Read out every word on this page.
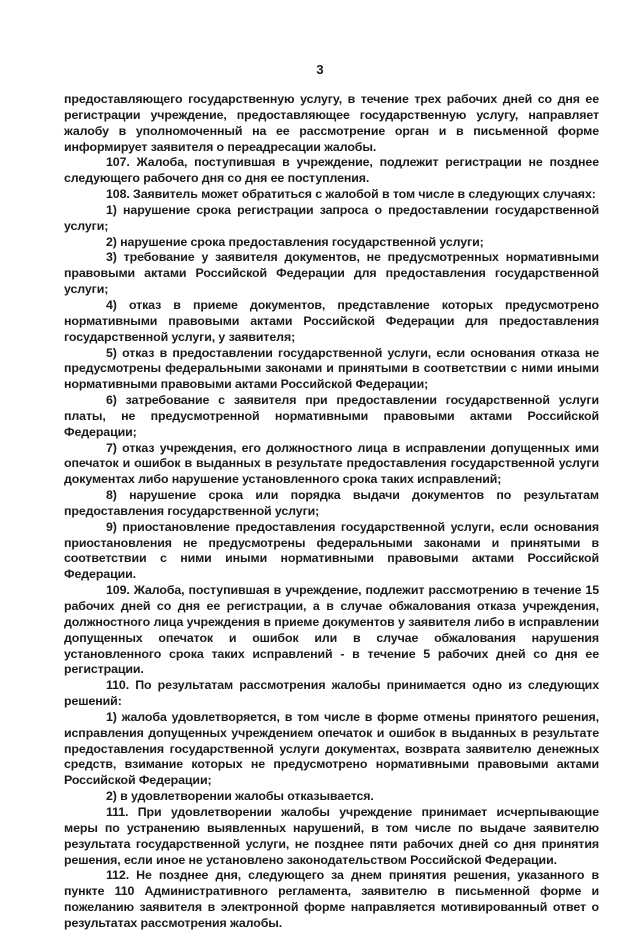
3

предоставляющего государственную услугу, в течение трех рабочих дней со дня ее регистрации учреждение, предоставляющее государственную услугу, направляет жалобу в уполномоченный на ее рассмотрение орган и в письменной форме информирует заявителя о переадресации жалобы.

107. Жалоба, поступившая в учреждение, подлежит регистрации не позднее следующего рабочего дня со дня ее поступления.

108. Заявитель может обратиться с жалобой в том числе в следующих случаях:

1) нарушение срока регистрации запроса о предоставлении государственной услуги;

2) нарушение срока предоставления государственной услуги;

3) требование у заявителя документов, не предусмотренных нормативными правовыми актами Российской Федерации для предоставления государственной услуги;

4) отказ в приеме документов, представление которых предусмотрено нормативными правовыми актами Российской Федерации для предоставления государственной услуги, у заявителя;

5) отказ в предоставлении государственной услуги, если основания отказа не предусмотрены федеральными законами и принятыми в соответствии с ними иными нормативными правовыми актами Российской Федерации;

6) затребование с заявителя при предоставлении государственной услуги платы, не предусмотренной нормативными правовыми актами Российской Федерации;

7) отказ учреждения, его должностного лица в исправлении допущенных ими опечаток и ошибок в выданных в результате предоставления государственной услуги документах либо нарушение установленного срока таких исправлений;

8) нарушение срока или порядка выдачи документов по результатам предоставления государственной услуги;

9) приостановление предоставления государственной услуги, если основания приостановления не предусмотрены федеральными законами и принятыми в соответствии с ними иными нормативными правовыми актами Российской Федерации.

109. Жалоба, поступившая в учреждение, подлежит рассмотрению в течение 15 рабочих дней со дня ее регистрации, а в случае обжалования отказа учреждения, должностного лица учреждения в приеме документов у заявителя либо в исправлении допущенных опечаток и ошибок или в случае обжалования нарушения установленного срока таких исправлений - в течение 5 рабочих дней со дня ее регистрации.

110. По результатам рассмотрения жалобы принимается одно из следующих решений:

1) жалоба удовлетворяется, в том числе в форме отмены принятого решения, исправления допущенных учреждением опечаток и ошибок в выданных в результате предоставления государственной услуги документах, возврата заявителю денежных средств, взимание которых не предусмотрено нормативными правовыми актами Российской Федерации;

2) в удовлетворении жалобы отказывается.

111. При удовлетворении жалобы учреждение принимает исчерпывающие меры по устранению выявленных нарушений, в том числе по выдаче заявителю результата государственной услуги, не позднее пяти рабочих дней со дня принятия решения, если иное не установлено законодательством Российской Федерации.

112. Не позднее дня, следующего за днем принятия решения, указанного в пункте 110 Административного регламента, заявителю в письменной форме и пожеланию заявителя в электронной форме направляется мотивированный ответ о результатах рассмотрения жалобы.
